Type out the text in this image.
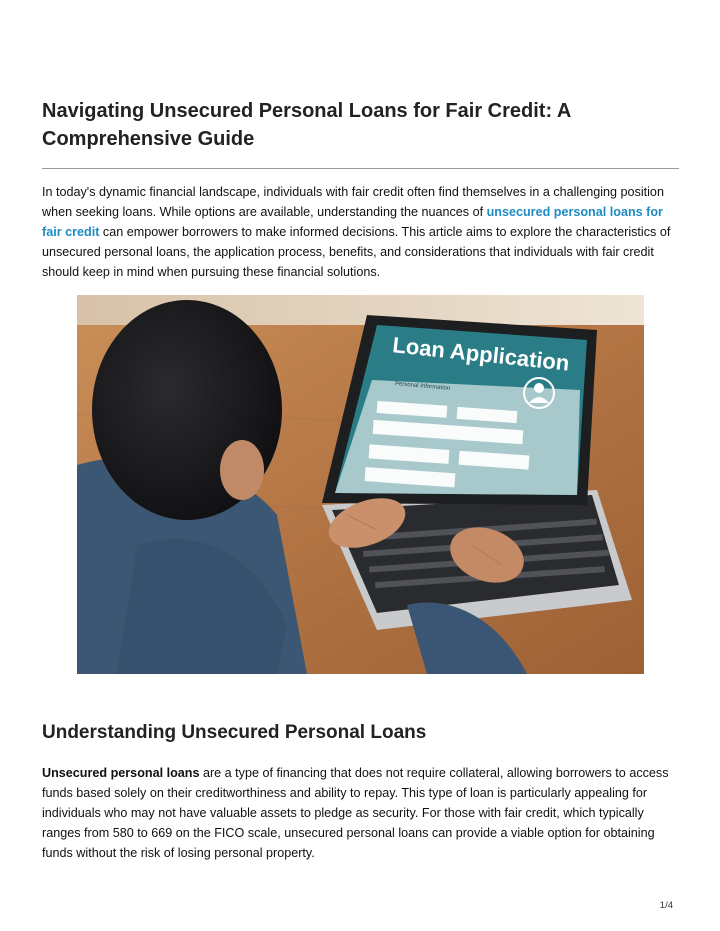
Navigating Unsecured Personal Loans for Fair Credit: A Comprehensive Guide

In today's dynamic financial landscape, individuals with fair credit often find themselves in a challenging position when seeking loans. While options are available, understanding the nuances of unsecured personal loans for fair credit can empower borrowers to make informed decisions. This article aims to explore the characteristics of unsecured personal loans, the application process, benefits, and considerations that individuals with fair credit should keep in mind when pursuing these financial solutions.

Loan Application
Personal Information
Understanding Unsecured Personal Loans

Unsecured personal loans are a type of financing that does not require collateral, allowing borrowers to access funds based solely on their creditworthiness and ability to repay. This type of loan is particularly appealing for individuals who may not have valuable assets to pledge as security. For those with fair credit, which typically ranges from 580 to 669 on the FICO scale, unsecured personal loans can provide a viable option for obtaining funds without the risk of losing personal property.

1/4
